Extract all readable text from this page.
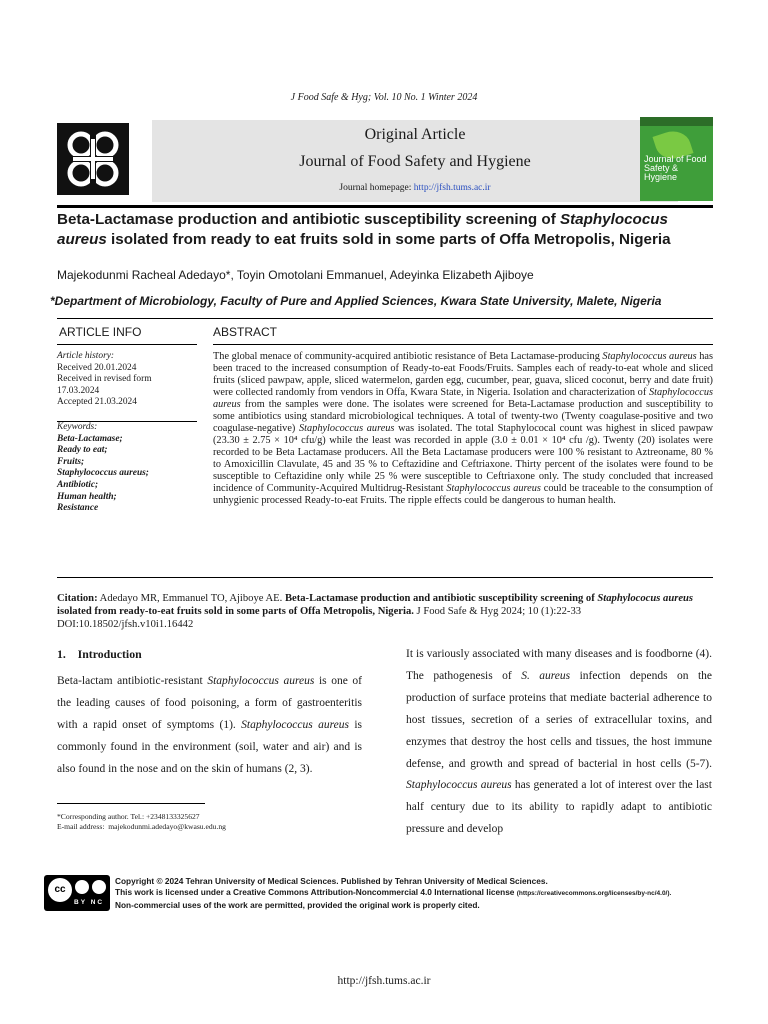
J Food Safe & Hyg; Vol. 10 No. 1 Winter 2024
Original Article
Journal of Food Safety and Hygiene
Journal homepage: http://jfsh.tums.ac.ir
Journal of Food Safety & Hygiene
Beta-Lactamase production and antibiotic susceptibility screening of Staphylococus aureus isolated from ready to eat fruits sold in some parts of Offa Metropolis, Nigeria
Majekodunmi Racheal Adedayo*, Toyin Omotolani Emmanuel, Adeyinka Elizabeth Ajiboye
*Department of Microbiology, Faculty of Pure and Applied Sciences, Kwara State University, Malete, Nigeria
ARTICLE INFO	ABSTRACT
Article history:
Received 20.01.2024
Received in revised form
17.03.2024
Accepted 21.03.2024
Keywords:
Beta-Lactamase;
Ready to eat;
Fruits;
Staphylococcus aureus;
Antibiotic;
Human health;
Resistance
The global menace of community-acquired antibiotic resistance of Beta Lactamase-producing Staphylococcus aureus has been traced to the increased consumption of Ready-to-eat Foods/Fruits. Samples each of ready-to-eat whole and sliced fruits (sliced pawpaw, apple, sliced watermelon, garden egg, cucumber, pear, guava, sliced coconut, berry and date fruit) were collected randomly from vendors in Offa, Kwara State, in Nigeria. Isolation and characterization of Staphylococcus aureus from the samples were done. The isolates were screened for Beta-Lactamase production and susceptibility to some antibiotics using standard microbiological techniques. A total of twenty-two (Twenty coagulase-positive and two coagulase-negative) Staphylococcus aureus was isolated. The total Staphylococal count was highest in sliced pawpaw (23.30 ± 2.75 × 10⁴ cfu/g) while the least was recorded in apple (3.0 ± 0.01 × 10⁴ cfu /g). Twenty (20) isolates were recorded to be Beta Lactamase producers. All the Beta Lactamase producers were 100 % resistant to Aztreoname, 80 % to Amoxicillin Clavulate, 45 and 35 % to Ceftazidine and Ceftriaxone. Thirty percent of the isolates were found to be susceptible to Ceftazidine only while 25 % were susceptible to Ceftriaxone only. The study concluded that increased incidence of Community-Acquired Multidrug-Resistant Staphylococcus aureus could be traceable to the consumption of unhygienic processed Ready-to-eat Fruits. The ripple effects could be dangerous to human health.
Citation: Adedayo MR, Emmanuel TO, Ajiboye AE. Beta-Lactamase production and antibiotic susceptibility screening of Staphylococus aureus isolated from ready-to-eat fruits sold in some parts of Offa Metropolis, Nigeria. J Food Safe & Hyg 2024; 10 (1):22-33 DOI:10.18502/jfsh.v10i1.16442
1.    Introduction
Beta-lactam antibiotic-resistant Staphylococcus aureus is one of the leading causes of food poisoning, a form of gastroenteritis with a rapid onset of symptoms (1). Staphylococcus aureus is commonly found in the environment (soil, water and air) and is also found in the nose and on the skin of humans (2, 3).
It is variously associated with many diseases and is foodborne (4). The pathogenesis of S. aureus infection depends on the production of surface proteins that mediate bacterial adherence to host tissues, secretion of a series of extracellular toxins, and enzymes that destroy the host cells and tissues, the host immune defense, and growth and spread of bacterial in host cells (5-7). Staphylococcus aureus has generated a lot of interest over the last half century due to its ability to rapidly adapt to antibiotic pressure and develop
*Corresponding author. Tel.: +2348133325627
E-mail address:  majekodunmi.adedayo@kwasu.edu.ng
cc
BY NC
Copyright © 2024 Tehran University of Medical Sciences. Published by Tehran University of Medical Sciences.
This work is licensed under a Creative Commons Attribution-Noncommercial 4.0 International license (https://creativecommons.org/licenses/by-nc/4.0/).
Non-commercial uses of the work are permitted, provided the original work is properly cited.
http://jfsh.tums.ac.ir
